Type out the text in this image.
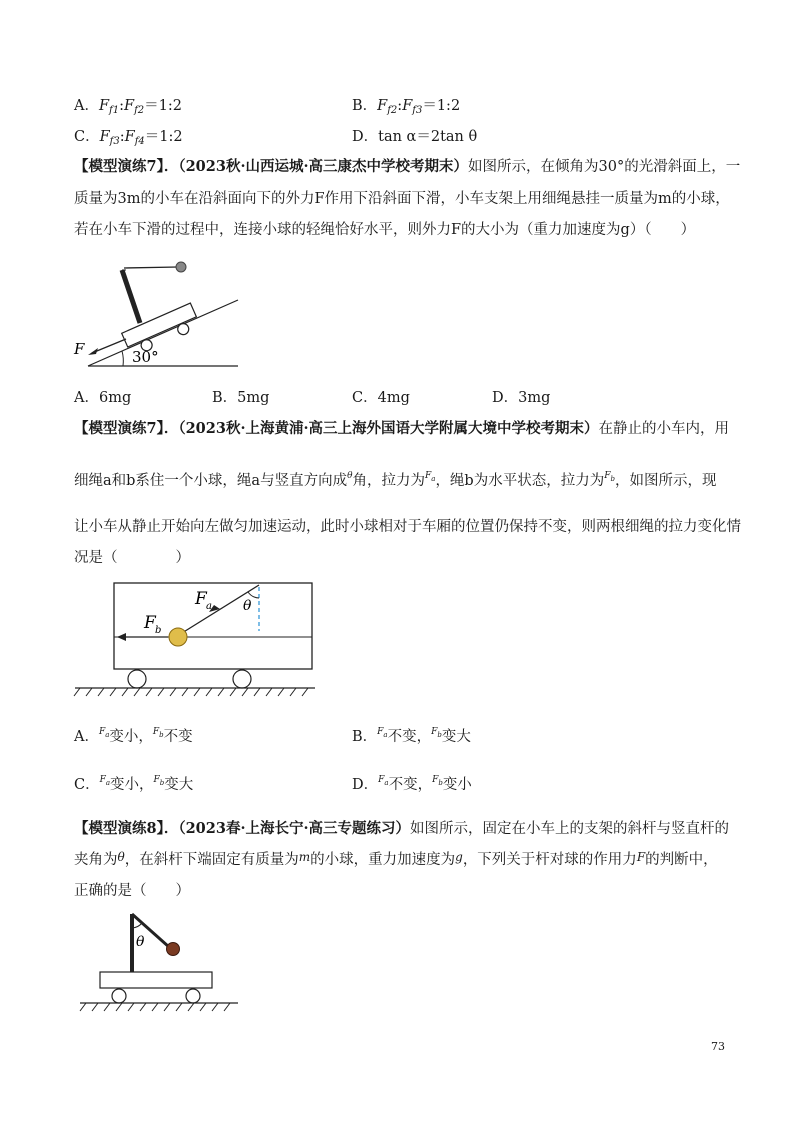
A．$F_{f1}:F_{f2}=1:2$	B．$F_{f2}:F_{f3}=1:2$
C．$F_{f3}:F_{f4}=1:2$	D．tan α＝2tan θ
【模型演练7】．（2023秋·山西运城·高三康杰中学校考期末）如图所示，在倾角为30°的光滑斜面上，一
质量为3m的小车在沿斜面向下的外力F作用下沿斜面下滑，小车支架上用细绳悬挂一质量为m的小球，
若在小车下滑的过程中，连接小球的轻绳恰好水平，则外力F的大小为（重力加速度为g）（　　）
F	30°
A．6mg	B．5mg	C．4mg	D．3mg
【模型演练7】．（2023秋·上海黄浦·高三上海外国语大学附属大境中学校考期末）在静止的小车内，用
细绳a和b系住一个小球，绳a与竖直方向成$^\theta$角，拉力为$^{Fa}$，绳b为水平状态，拉力为$^{Fb}$，如图所示，现
让小车从静止开始向左做匀加速运动，此时小球相对于车厢的位置仍保持不变，则两根细绳的拉力变化情
况是（　　　　）
F a
F b
θ
A．$^{Fa}$变小，$^{Fb}$不变	B．$^{Fa}$不变，$^{Fb}$变大
C．$^{Fa}$变小，$^{Fb}$变大	D．$^{Fa}$不变，$^{Fb}$变小
【模型演练8】．（2023春·上海长宁·高三专题练习）如图所示，固定在小车上的支架的斜杆与竖直杆的
夹角为$^\theta$，在斜杆下端固定有质量为$^m$的小球，重力加速度为$^g$，下列关于杆对球的作用力$^F$的判断中，
正确的是（　　）
θ
73
